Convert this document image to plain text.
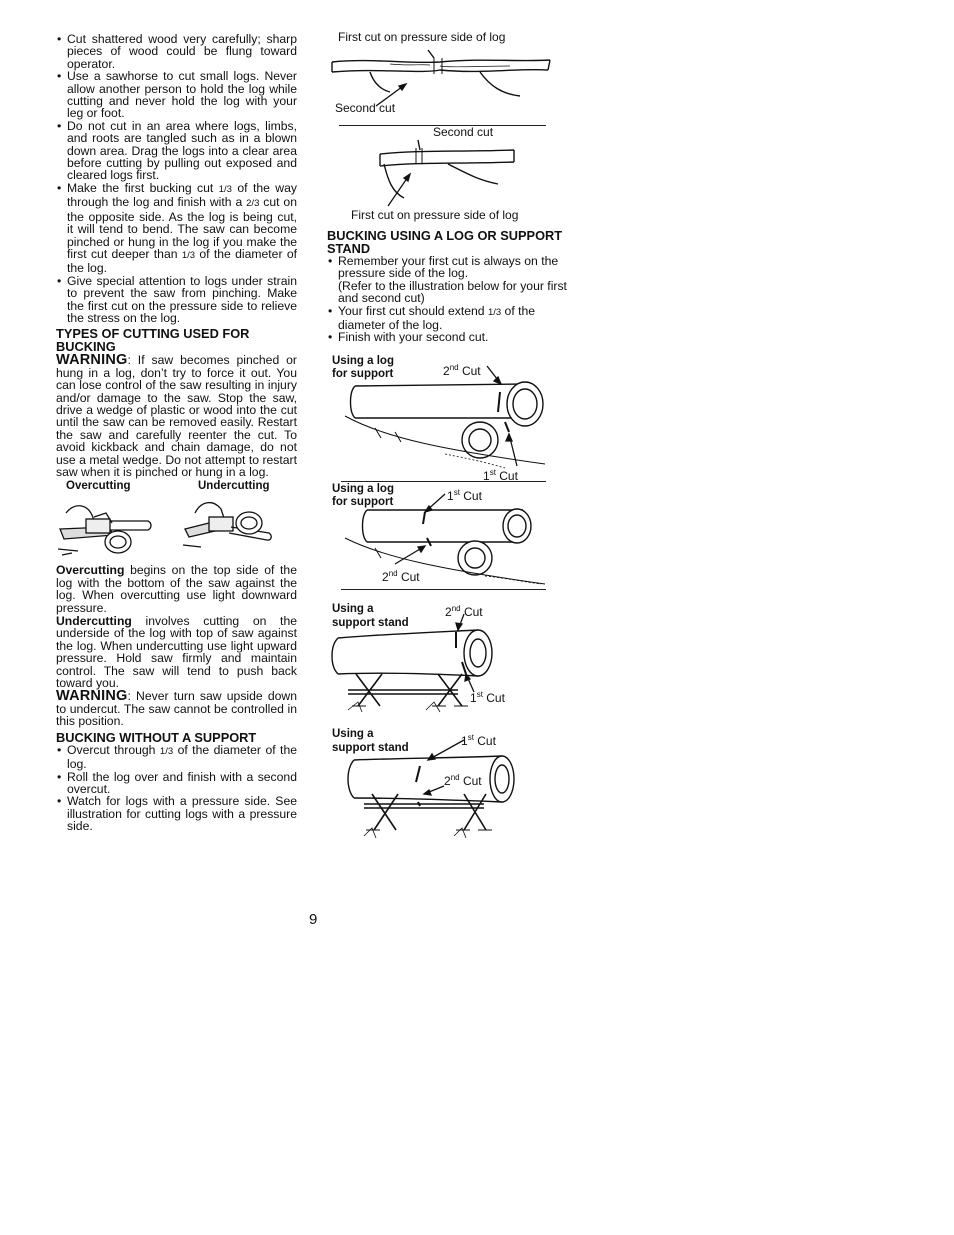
• Cut shattered wood very carefully; sharp pieces of wood could be flung toward operator.
• Use a sawhorse to cut small logs. Never allow another person to hold the log while cutting and never hold the log with your leg or foot.
• Do not cut in an area where logs, limbs, and roots are tangled such as in a blown down area. Drag the logs into a clear area before cutting by pulling out exposed and cleared logs first.
• Make the first bucking cut 1/3 of the way through the log and finish with a 2/3 cut on the opposite side. As the log is being cut, it will tend to bend. The saw can become pinched or hung in the log if you make the first cut deeper than 1/3 of the diameter of the log.
• Give special attention to logs under strain to prevent the saw from pinching. Make the first cut on the pressure side to relieve the stress on the log.
TYPES OF CUTTING USED FOR BUCKING
WARNING: If saw becomes pinched or hung in a log, don’t try to force it out. You can lose control of the saw resulting in injury and/or damage to the saw. Stop the saw, drive a wedge of plastic or wood into the cut until the saw can be removed easily. Restart the saw and carefully reenter the cut. To avoid kickback and chain damage, do not use a metal wedge. Do not attempt to restart saw when it is pinched or hung in a log.
Overcutting	Undercutting
Overcutting begins on the top side of the log with the bottom of the saw against the log. When overcutting use light downward pressure.
Undercutting involves cutting on the underside of the log with top of saw against the log. When undercutting use light upward pressure. Hold saw firmly and maintain control. The saw will tend to push back toward you.
WARNING: Never turn saw upside down to undercut. The saw cannot be controlled in this position.
BUCKING WITHOUT A SUPPORT
• Overcut through 1/3 of the diameter of the log.
• Roll the log over and finish with a second overcut.
• Watch for logs with a pressure side. See illustration for cutting logs with a pressure side.
First cut on pressure side of log
Second cut
Second cut
First cut on pressure side of log
BUCKING USING A LOG OR SUPPORT STAND
• Remember your first cut is always on the pressure side of the log.
(Refer to the illustration below for your first and second cut)
• Your first cut should extend 1/3 of the diameter of the log.
• Finish with your second cut.
Using a log
for support	2nd Cut
1st Cut
Using a log
for support	1st Cut
2nd Cut
Using a
support stand
2nd Cut
1st Cut
Using a
support stand	1st Cut
2nd Cut
9
